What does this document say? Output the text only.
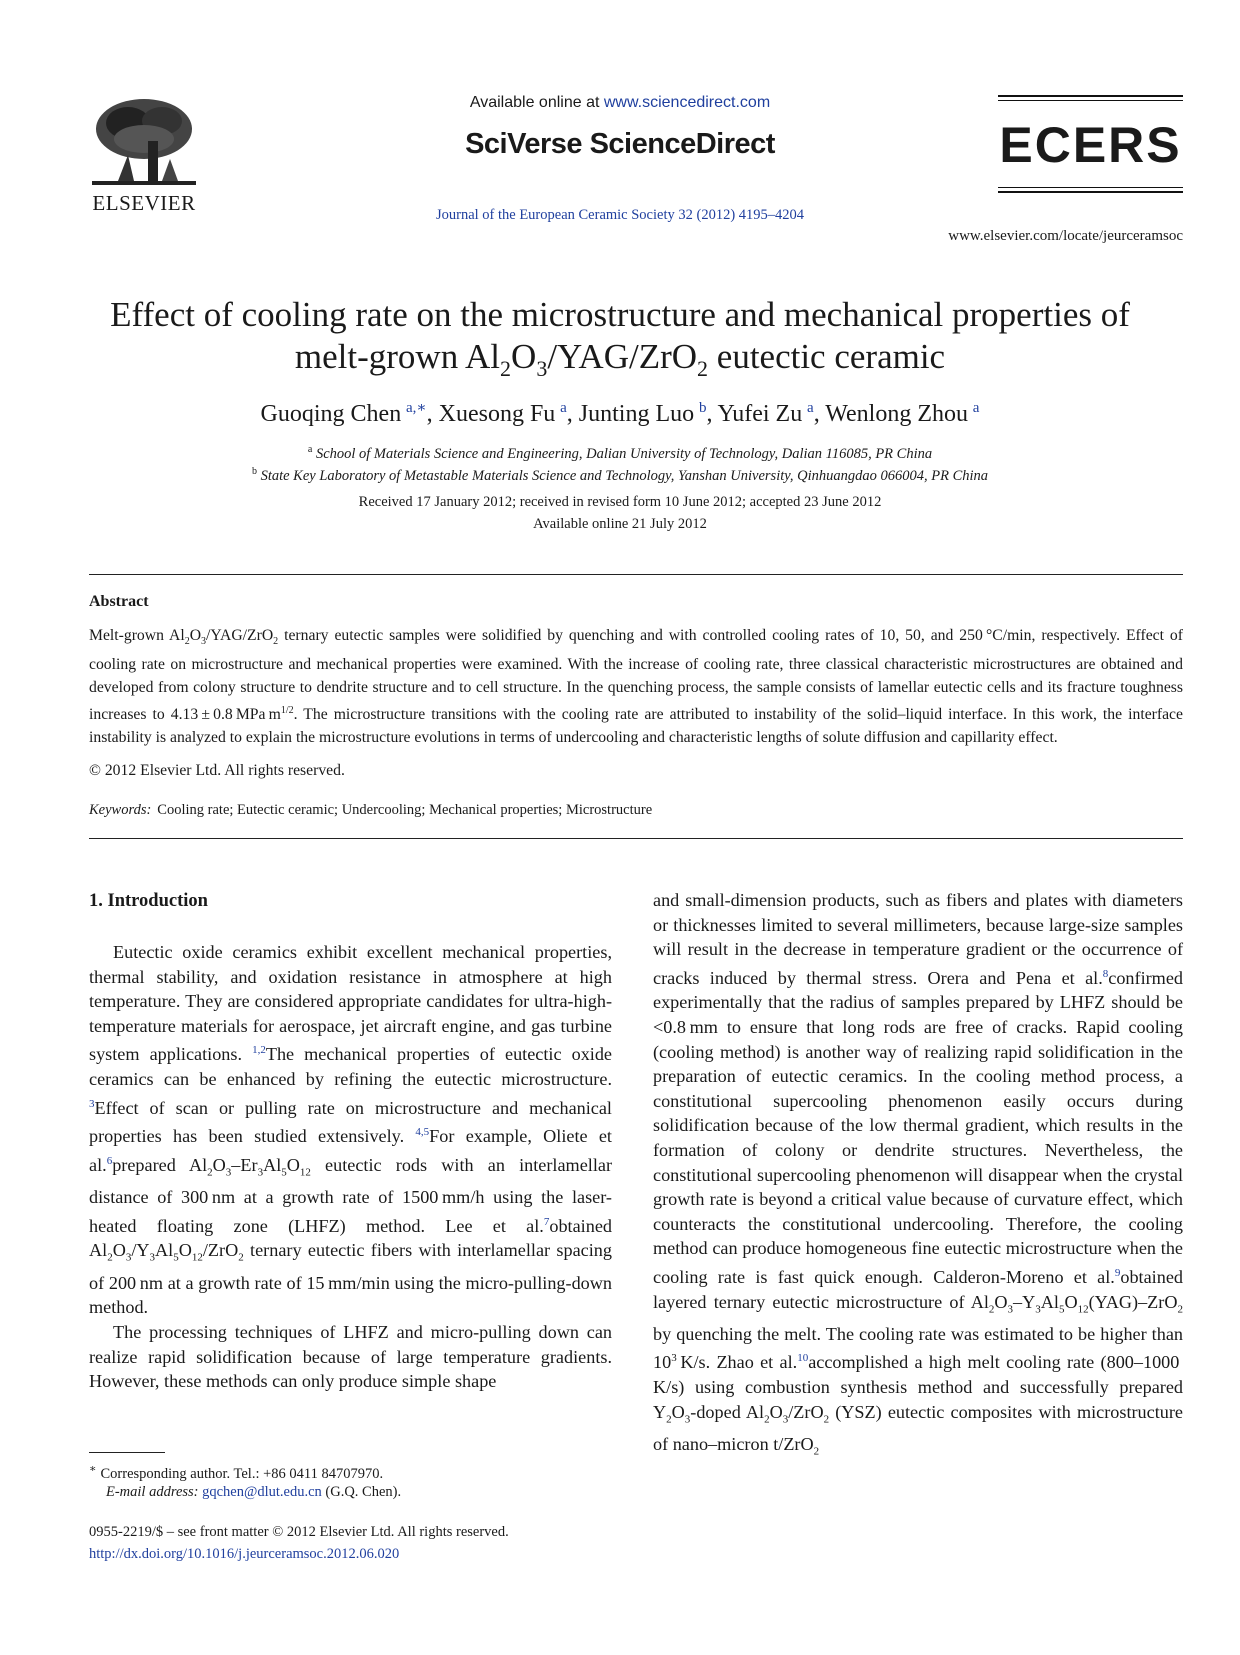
ELSEVIER
Available online at www.sciencedirect.com
SciVerse ScienceDirect
Journal of the European Ceramic Society 32 (2012) 4195–4204
ECERS
www.elsevier.com/locate/jeurceramsoc
Effect of cooling rate on the microstructure and mechanical properties of
melt-grown $Al_2O_3/YAG/ZrO_2$ eutectic ceramic
Guoqing Chen  $^{a,∗}$, Xuesong Fu  $^a$, Junting Luo  $^b$, Yufei Zu  $^a$, Wenlong Zhou  $^a$
$^a$ School of Materials Science and Engineering, Dalian University of Technology, Dalian 116085, PR China
$^b$ State Key Laboratory of Metastable Materials Science and Technology, Yanshan University, Qinhuangdao 066004, PR China
Received 17 January 2012; received in revised form 10 June 2012; accepted 23 June 2012
Available online 21 July 2012
Abstract
Melt-grown $Al_2O_3/YAG/ZrO_2$ ternary eutectic samples were solidified by quenching and with controlled cooling rates of 10, 50, and 250 °C/min, respectively. Effect of cooling rate on microstructure and mechanical properties were examined. With the increase of cooling rate, three classical characteristic microstructures are obtained and developed from colony structure to dendrite structure and to cell structure. In the quenching process, the sample consists of lamellar eutectic cells and its fracture toughness increases to 4.13 ± 0.8 MPa $m^{1/2}$. The microstructure transitions with the cooling rate are attributed to instability of the solid–liquid interface. In this work, the interface instability is analyzed to explain the microstructure evolutions in terms of undercooling and characteristic lengths of solute diffusion and capillarity effect.
© 2012 Elsevier Ltd. All rights reserved.
Keywords: Cooling rate; Eutectic ceramic; Undercooling; Mechanical properties; Microstructure
1. Introduction

Eutectic oxide ceramics exhibit excellent mechanical properties, thermal stability, and oxidation resistance in atmosphere at high temperature. They are considered appropriate candidates for ultra-high-temperature materials for aerospace, jet aircraft engine, and gas turbine system applications. $^{1,2}$The mechanical properties of eutectic oxide ceramics can be enhanced by refining the eutectic microstructure. $^3$Effect of scan or pulling rate on microstructure and mechanical properties has been studied extensively. $^{4,5}$For example, Oliete et al.$^6$prepared $Al_2O_3-Er_3Al_5O_{12}$ eutectic rods with an interlamellar distance of 300 nm at a growth rate of 1500 mm/h using the laser-heated floating zone (LHFZ) method. Lee et al.$^7$obtained $Al_2O_3/Y_3Al_5O_{12}/ZrO_2$ ternary eutectic fibers with interlamellar spacing of 200 nm at a growth rate of 15 mm/min using the micro-pulling-down method.

The processing techniques of LHFZ and micro-pulling down can realize rapid solidification because of large temperature gradients. However, these methods can only produce simple shape

and small-dimension products, such as fibers and plates with diameters or thicknesses limited to several millimeters, because large-size samples will result in the decrease in temperature gradient or the occurrence of cracks induced by thermal stress. Orera and Pena et al.$^8$confirmed experimentally that the radius of samples prepared by LHFZ should be <0.8 mm to ensure that long rods are free of cracks. Rapid cooling (cooling method) is another way of realizing rapid solidification in the preparation of eutectic ceramics. In the cooling method process, a constitutional supercooling phenomenon easily occurs during solidification because of the low thermal gradient, which results in the formation of colony or dendrite structures. Nevertheless, the constitutional supercooling phenomenon will disappear when the crystal growth rate is beyond a critical value because of curvature effect, which counteracts the constitutional undercooling. Therefore, the cooling method can produce homogeneous fine eutectic microstructure when the cooling rate is fast quick enough. Calderon-Moreno et al.$^9$obtained layered ternary eutectic microstructure of $Al_2O_3-Y_3Al_5O_{12}(YAG)-ZrO_2$ by quenching the melt. The cooling rate was estimated to be higher than $10^3$ K/s. Zhao et al.$^{10}$accomplished a high melt cooling rate (800–1000 K/s) using combustion synthesis method and successfully prepared $Y_2O_3$-doped $Al_2O_3/ZrO_2$ (YSZ) eutectic composites with microstructure of nano–micron t/ZrO$_2$

∗ Corresponding author. Tel.: +86 0411 84707970.
E-mail address: gqchen@dlut.edu.cn (G.Q. Chen).
0955-2219/$ – see front matter © 2012 Elsevier Ltd. All rights reserved.
http://dx.doi.org/10.1016/j.jeurceramsoc.2012.06.020
